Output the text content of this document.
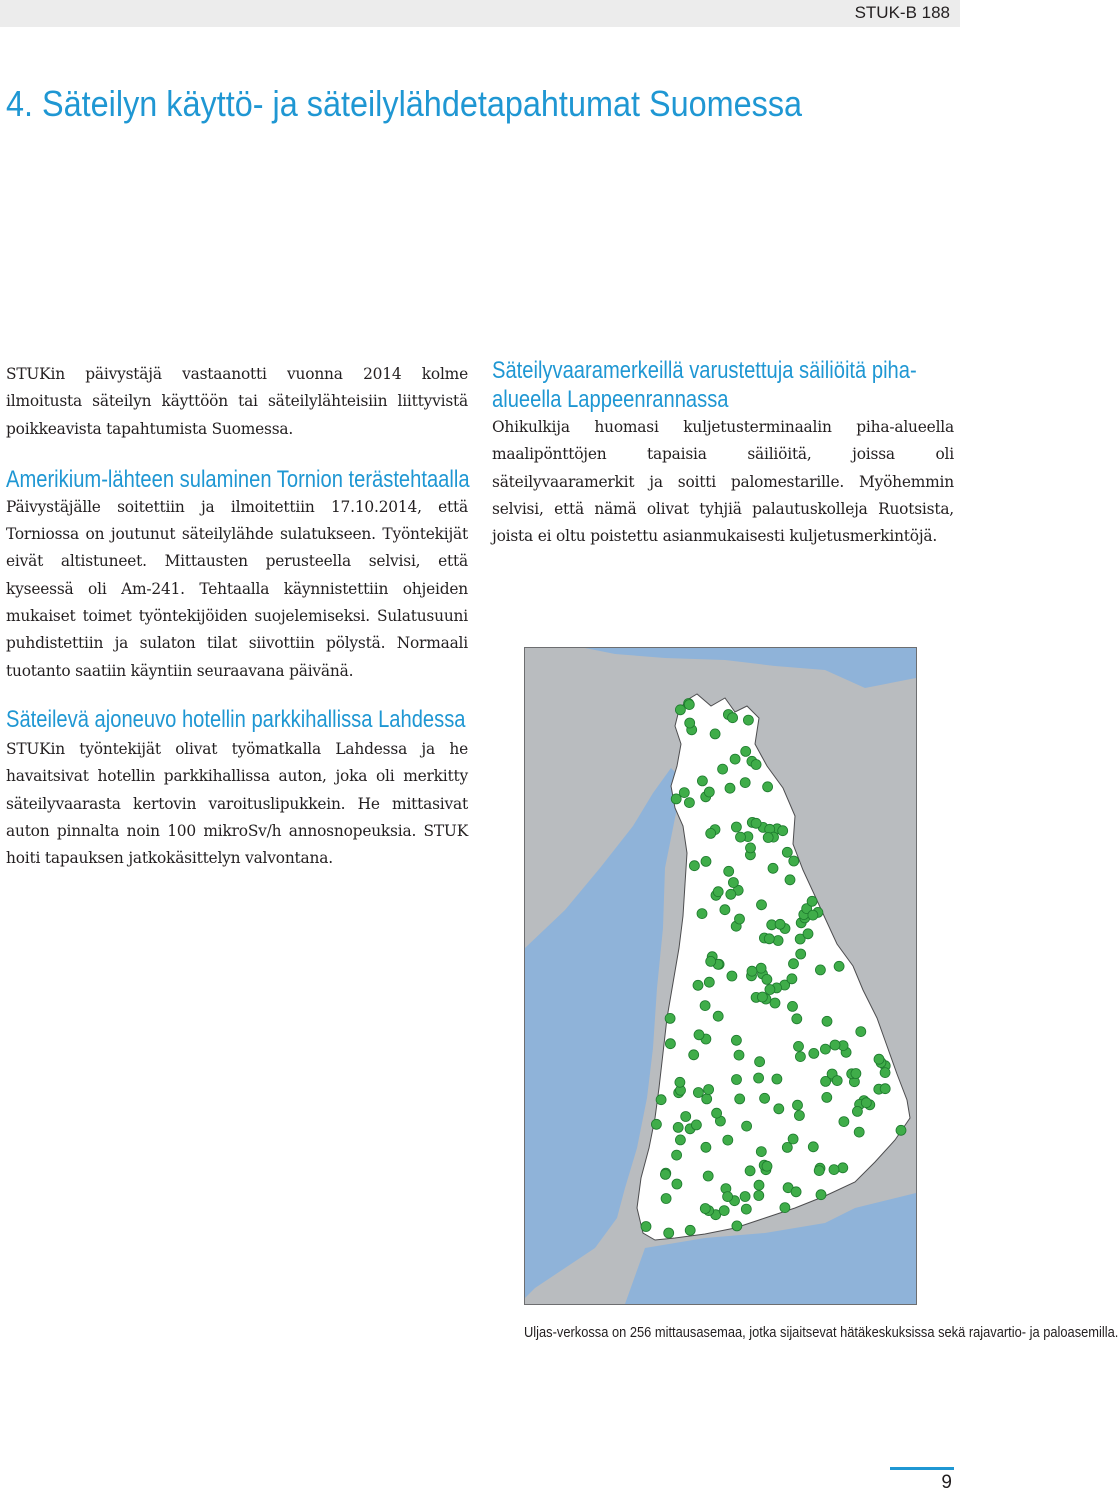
STUK-B 188
4. Säteilyn käyttö- ja säteilylähdetapahtumat Suomessa

STUKin päivystäjä vastaanotti vuonna 2014 kolme ilmoitusta säteilyn käyttöön tai säteilylähteisiin liittyvistä poikkeavista tapahtumista Suomessa.

Amerikium-lähteen sulaminen Tornion terästehtaalla

Päivystäjälle soitettiin ja ilmoitettiin 17.10.2014, että Torniossa on joutunut säteilylähde sulatukseen. Työntekijät eivät altistuneet. Mittausten perusteella selvisi, että kyseessä oli Am-241. Tehtaalla käynnistettiin ohjeiden mukaiset toimet työntekijöiden suojelemiseksi. Sulatusuuni puhdistettiin ja sulaton tilat siivottiin pölystä. Normaali tuotanto saatiin käyntiin seuraavana päivänä.

Säteilevä ajoneuvo hotellin parkkihallissa Lahdessa

STUKin työntekijät olivat työmatkalla Lahdessa ja he havaitsivat hotellin parkkihallissa auton, joka oli merkitty säteilyvaarasta kertovin varoituslipukkein. He mittasivat auton pinnalta noin 100 mikroSv/h annosnopeuksia. STUK hoiti tapauksen jatkokäsittelyn valvontana.

Säteilyvaaramerkeillä varustettuja säiliöitä piha-alueella Lappeenrannassa

Ohikulkija huomasi kuljetusterminaalin piha-alueella maalipönttöjen tapaisia säiliöitä, joissa oli säteilyvaaramerkit ja soitti palomestarille. Myöhemmin selvisi, että nämä olivat tyhjiä palautuskolleja Ruotsista, joista ei oltu poistettu asianmukaisesti kuljetusmerkintöjä.

Uljas-verkossa on 256 mittausasemaa, jotka sijaitsevat hätäkeskuksissa sekä rajavartio- ja paloasemilla.

9
